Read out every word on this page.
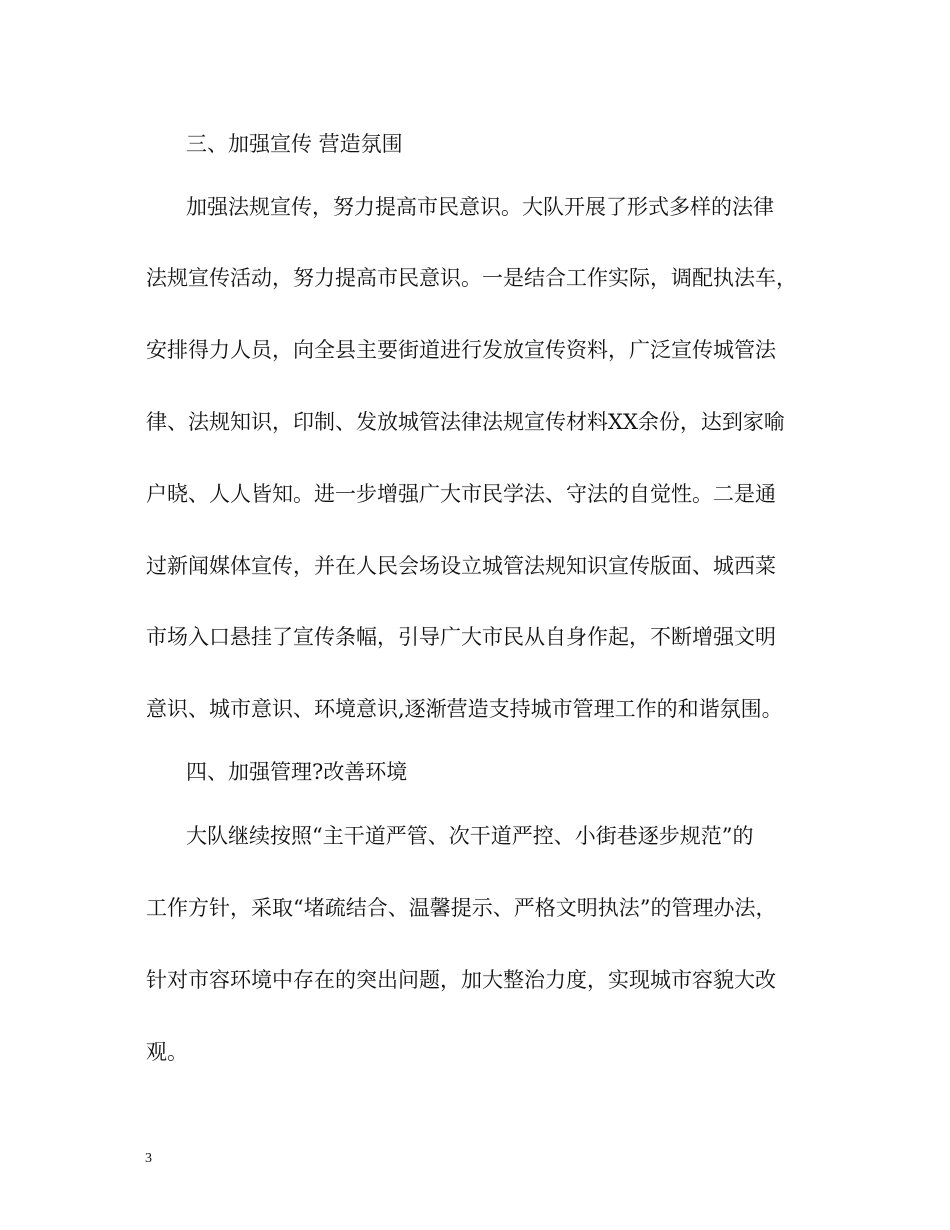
三、加强宣传 营造氛围
加强法规宣传，努力提高市民意识。大队开展了形式多样的法律
法规宣传活动，努力提高市民意识。一是结合工作实际，调配执法车，
安排得力人员，向全县主要街道进行发放宣传资料，广泛宣传城管法
律、法规知识，印制、发放城管法律法规宣传材料XX余份，达到家喻
户晓、人人皆知。进一步增强广大市民学法、守法的自觉性。二是通
过新闻媒体宣传，并在人民会场设立城管法规知识宣传版面、城西菜
市场入口悬挂了宣传条幅，引导广大市民从自身作起，不断增强文明
意识、城市意识、环境意识,逐渐营造支持城市管理工作的和谐氛围。
四、加强管理?改善环境
大队继续按照“主干道严管、次干道严控、小街巷逐步规范”的
工作方针，采取“堵疏结合、温馨提示、严格文明执法”的管理办法，
针对市容环境中存在的突出问题，加大整治力度，实现城市容貌大改
观。
3
